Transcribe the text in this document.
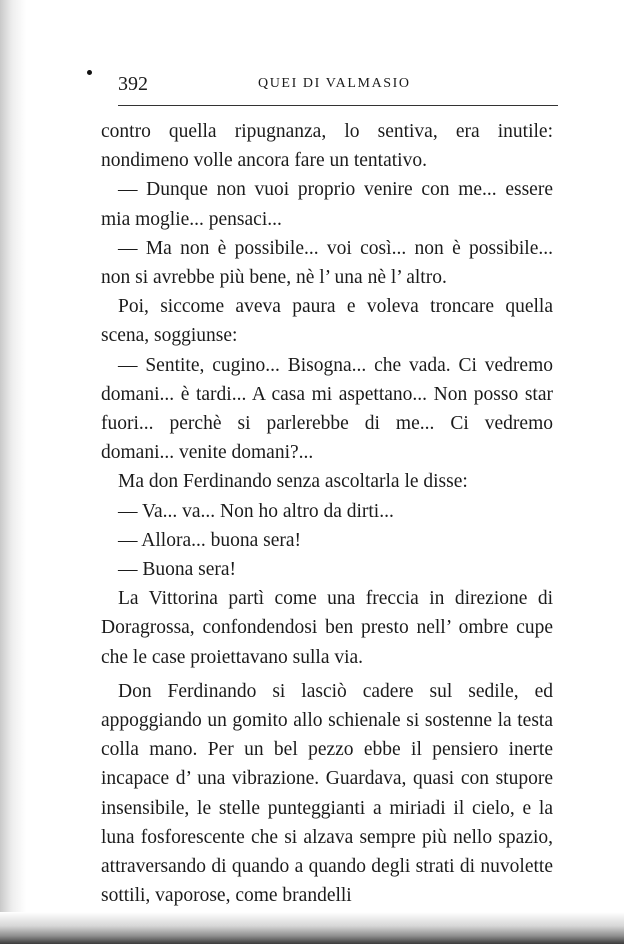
392	QUEI DI VALMASIO

contro quella ripugnanza, lo sentiva, era inutile: nondimeno volle ancora fare un tentativo.

— Dunque non vuoi proprio venire con me... essere mia moglie... pensaci...

— Ma non è possibile... voi così... non è possibile... non si avrebbe più bene, nè l’ una nè l’ altro.

Poi, siccome aveva paura e voleva troncare quella scena, soggiunse:

— Sentite, cugino... Bisogna... che vada. Ci vedremo domani... è tardi... A casa mi aspettano... Non posso star fuori... perchè si parlerebbe di me... Ci vedremo domani... venite domani?...

Ma don Ferdinando senza ascoltarla le disse:

— Va... va... Non ho altro da dirti...

— Allora... buona sera!

— Buona sera!

La Vittorina partì come una freccia in direzione di Doragrossa, confondendosi ben presto nell’ ombre cupe che le case proiettavano sulla via.

Don Ferdinando si lasciò cadere sul sedile, ed appoggiando un gomito allo schienale si sostenne la testa colla mano. Per un bel pezzo ebbe il pensiero inerte incapace d’ una vibrazione. Guardava, quasi con stupore insensibile, le stelle punteggianti a miriadi il cielo, e la luna fosforescente che si alzava sempre più nello spazio, attraversando di quando a quando degli strati di nuvolette sottili, vaporose, come brandelli
